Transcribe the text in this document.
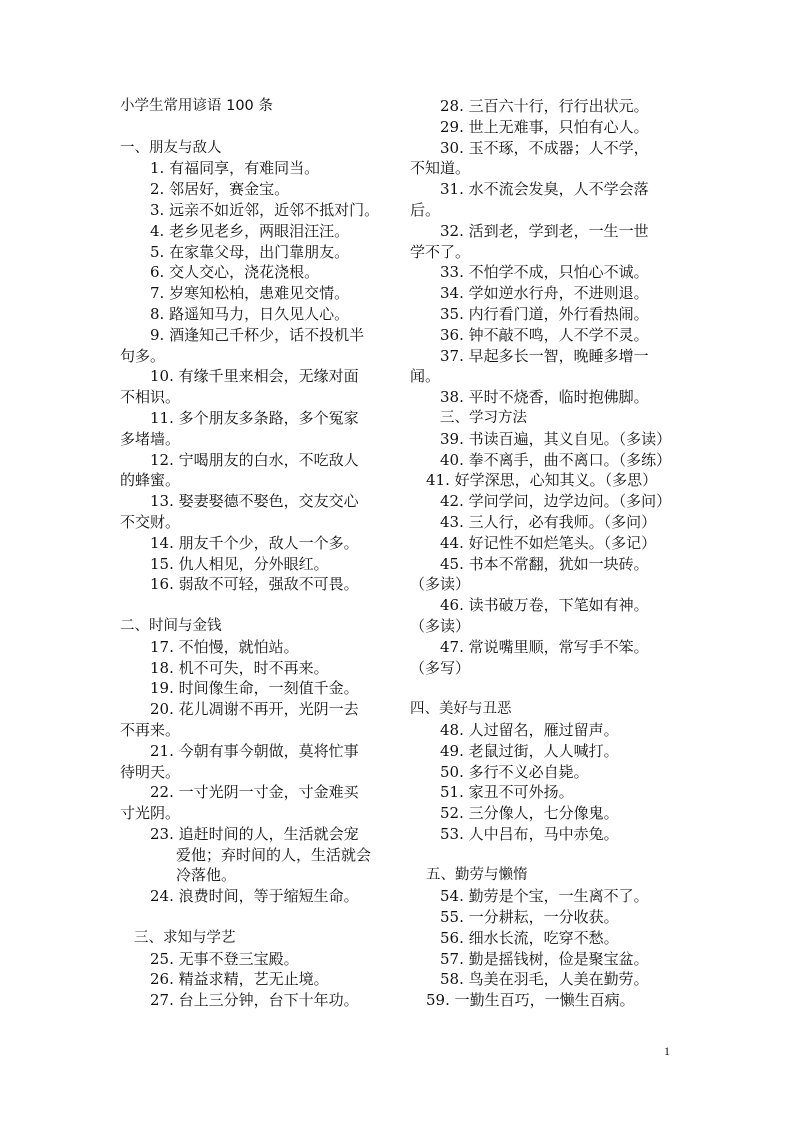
小学生常用谚语 100 条
一、朋友与敌人
1. 有福同享，有难同当。
2. 邻居好，赛金宝。
3. 远亲不如近邻，近邻不抵对门。
4. 老乡见老乡，两眼泪汪汪。
5. 在家靠父母，出门靠朋友。
6. 交人交心，浇花浇根。
7. 岁寒知松柏，患难见交情。
8. 路遥知马力，日久见人心。
9. 酒逢知己千杯少，话不投机半
句多。
10. 有缘千里来相会，无缘对面
不相识。
11. 多个朋友多条路，多个冤家
多堵墙。
12. 宁喝朋友的白水，不吃敌人
的蜂蜜。
13. 娶妻娶德不娶色，交友交心
不交财。
14. 朋友千个少，敌人一个多。
15. 仇人相见，分外眼红。
16. 弱敌不可轻，强敌不可畏。
二、时间与金钱
17. 不怕慢，就怕站。
18. 机不可失，时不再来。
19. 时间像生命，一刻值千金。
20. 花儿凋谢不再开，光阴一去
不再来。
21. 今朝有事今朝做，莫将忙事
待明天。
22. 一寸光阴一寸金，寸金难买
寸光阴。
23. 追赶时间的人，生活就会宠
爱他；弃时间的人，生活就会
冷落他。
24. 浪费时间，等于缩短生命。
三、求知与学艺
25. 无事不登三宝殿。
26. 精益求精，艺无止境。
27. 台上三分钟，台下十年功。
28. 三百六十行，行行出状元。
29. 世上无难事，只怕有心人。
30. 玉不琢，不成器；人不学，
不知道。
31. 水不流会发臭，人不学会落
后。
32. 活到老，学到老，一生一世
学不了。
33. 不怕学不成，只怕心不诚。
34. 学如逆水行舟，不进则退。
35. 内行看门道，外行看热闹。
36. 钟不敲不鸣，人不学不灵。
37. 早起多长一智，晚睡多增一
闻。
38. 平时不烧香，临时抱佛脚。
三、学习方法
39. 书读百遍，其义自见。（多读）
40. 拳不离手，曲不离口。（多练）
41. 好学深思，心知其义。（多思）
42. 学问学问，边学边问。（多问）
43. 三人行，必有我师。（多问）
44. 好记性不如烂笔头。（多记）
45. 书本不常翻，犹如一块砖。
（多读）
46. 读书破万卷，下笔如有神。
（多读）
47. 常说嘴里顺，常写手不笨。
（多写）
四、美好与丑恶
48. 人过留名，雁过留声。
49. 老鼠过街，人人喊打。
50. 多行不义必自毙。
51. 家丑不可外扬。
52. 三分像人，七分像鬼。
53. 人中吕布，马中赤兔。
五、勤劳与懒惰
54. 勤劳是个宝，一生离不了。
55. 一分耕耘，一分收获。
56. 细水长流，吃穿不愁。
57. 勤是摇钱树，俭是聚宝盆。
58. 鸟美在羽毛，人美在勤劳。
59. 一勤生百巧，一懒生百病。
1
